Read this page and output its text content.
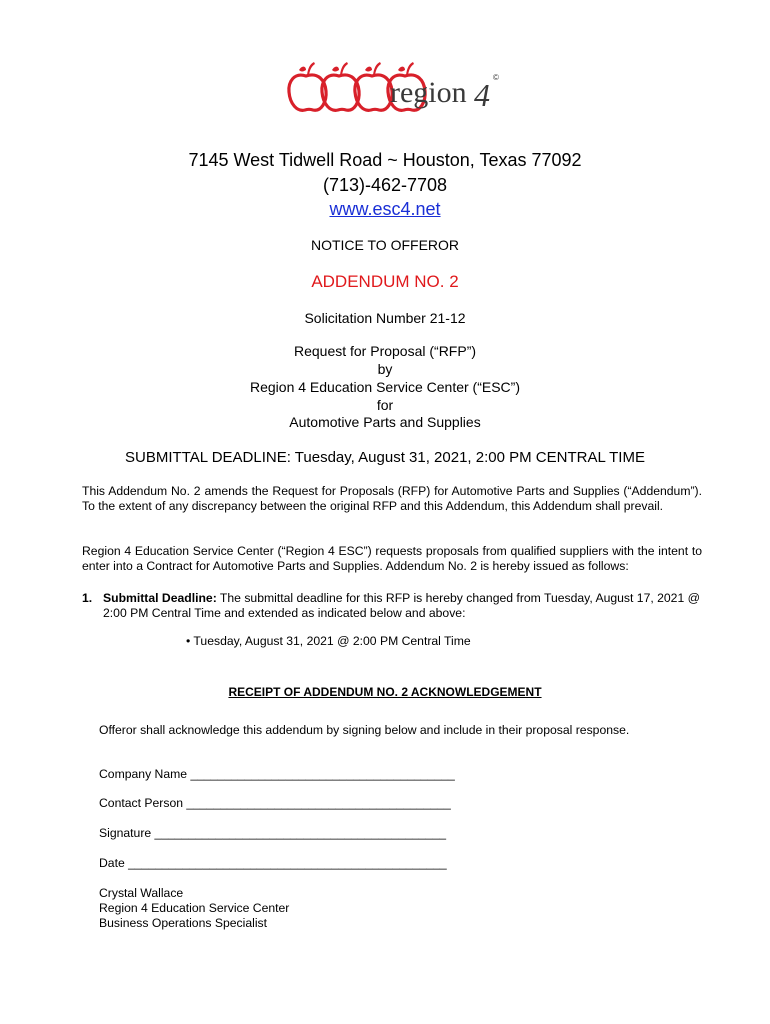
region 4 ©
7145 West Tidwell Road ~ Houston, Texas 77092
(713)-462-7708
www.esc4.net
NOTICE TO OFFEROR
ADDENDUM NO. 2
Solicitation Number 21-12
Request for Proposal (“RFP”)
by
Region 4 Education Service Center (“ESC”)
for
Automotive Parts and Supplies
SUBMITTAL DEADLINE: Tuesday, August 31, 2021, 2:00 PM CENTRAL TIME
This Addendum No. 2 amends the Request for Proposals (RFP) for Automotive Parts and Supplies (“Addendum”). To the extent of any discrepancy between the original RFP and this Addendum, this Addendum shall prevail.
Region 4 Education Service Center (“Region 4 ESC”) requests proposals from qualified suppliers with the intent to enter into a Contract for Automotive Parts and Supplies. Addendum No. 2 is hereby issued as follows:
1. Submittal Deadline: The submittal deadline for this RFP is hereby changed from Tuesday, August 17, 2021 @ 2:00 PM Central Time and extended as indicated below and above:
• Tuesday, August 31, 2021 @ 2:00 PM Central Time
RECEIPT OF ADDENDUM NO. 2 ACKNOWLEDGEMENT
Offeror shall acknowledge this addendum by signing below and include in their proposal response.
Company Name _______________________________________
Contact Person _______________________________________
Signature ___________________________________________
Date _______________________________________________
Crystal Wallace
Region 4 Education Service Center
Business Operations Specialist
